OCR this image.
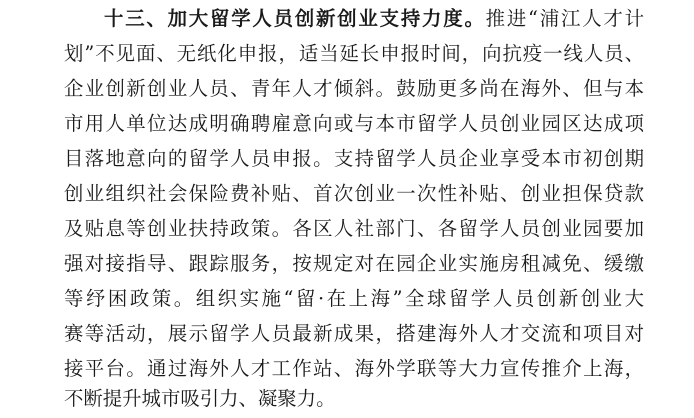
十三、加大留学人员创新创业支持力度。推进“浦江人才计
划”不见面、无纸化申报，适当延长申报时间，向抗疫一线人员、
企业创新创业人员、青年人才倾斜。鼓励更多尚在海外、但与本
市用人单位达成明确聘雇意向或与本市留学人员创业园区达成项
目落地意向的留学人员申报。支持留学人员企业享受本市初创期
创业组织社会保险费补贴、首次创业一次性补贴、创业担保贷款
及贴息等创业扶持政策。各区人社部门、各留学人员创业园要加
强对接指导、跟踪服务，按规定对在园企业实施房租减免、缓缴
等纾困政策。组织实施“留·在上海”全球留学人员创新创业大
赛等活动，展示留学人员最新成果，搭建海外人才交流和项目对
接平台。通过海外人才工作站、海外学联等大力宣传推介上海，
不断提升城市吸引力、凝聚力。
